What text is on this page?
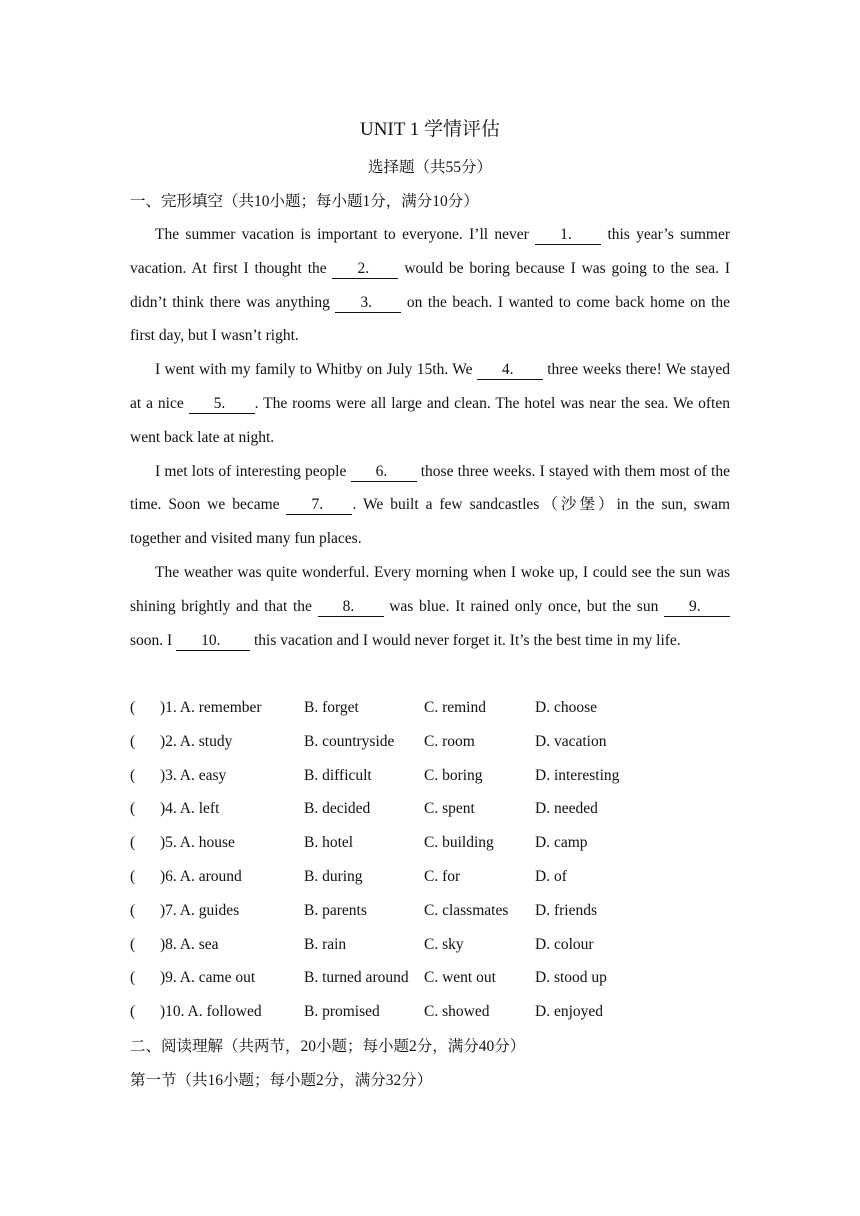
UNIT 1 学情评估
选择题（共55分）
一、完形填空（共10小题；每小题1分，满分10分）

The summer vacation is important to everyone. I’ll never 1. this year’s summer vacation. At first I thought the 2. would be boring because I was going to the sea. I didn’t think there was anything 3. on the beach. I wanted to come back home on the first day, but I wasn’t right.

I went with my family to Whitby on July 15th. We 4. three weeks there! We stayed at a nice 5. . The rooms were all large and clean. The hotel was near the sea. We often went back late at night.

I met lots of interesting people 6. those three weeks. I stayed with them most of the time. Soon we became 7. . We built a few sandcastles（沙堡）in the sun, swam together and visited many fun places.

The weather was quite wonderful. Every morning when I woke up, I could see the sun was shining brightly and that the 8. was blue. It rained only once, but the sun 9. soon. I 10. this vacation and I would never forget it. It’s the best time in my life.

( )1. A. remember	B. forget	C. remind	D. choose
( )2. A. study	B. countryside C. room	D. vacation
( )3. A. easy	B. difficult	C. boring	D. interesting
( )4. A. left	B. decided	C. spent	D. needed
( )5. A. house	B. hotel	C. building	D. camp
( )6. A. around	B. during	C. for	D. of
( )7. A. guides	B. parents	C. classmates D. friends
( )8. A. sea	B. rain	C. sky	D. colour
( )9. A. came out	B. turned around C. went out	D. stood up
( )10. A. followed	B. promised	C. showed	D. enjoyed
二、阅读理解（共两节，20小题；每小题2分，满分40分）
第一节（共16小题；每小题2分，满分32分）
